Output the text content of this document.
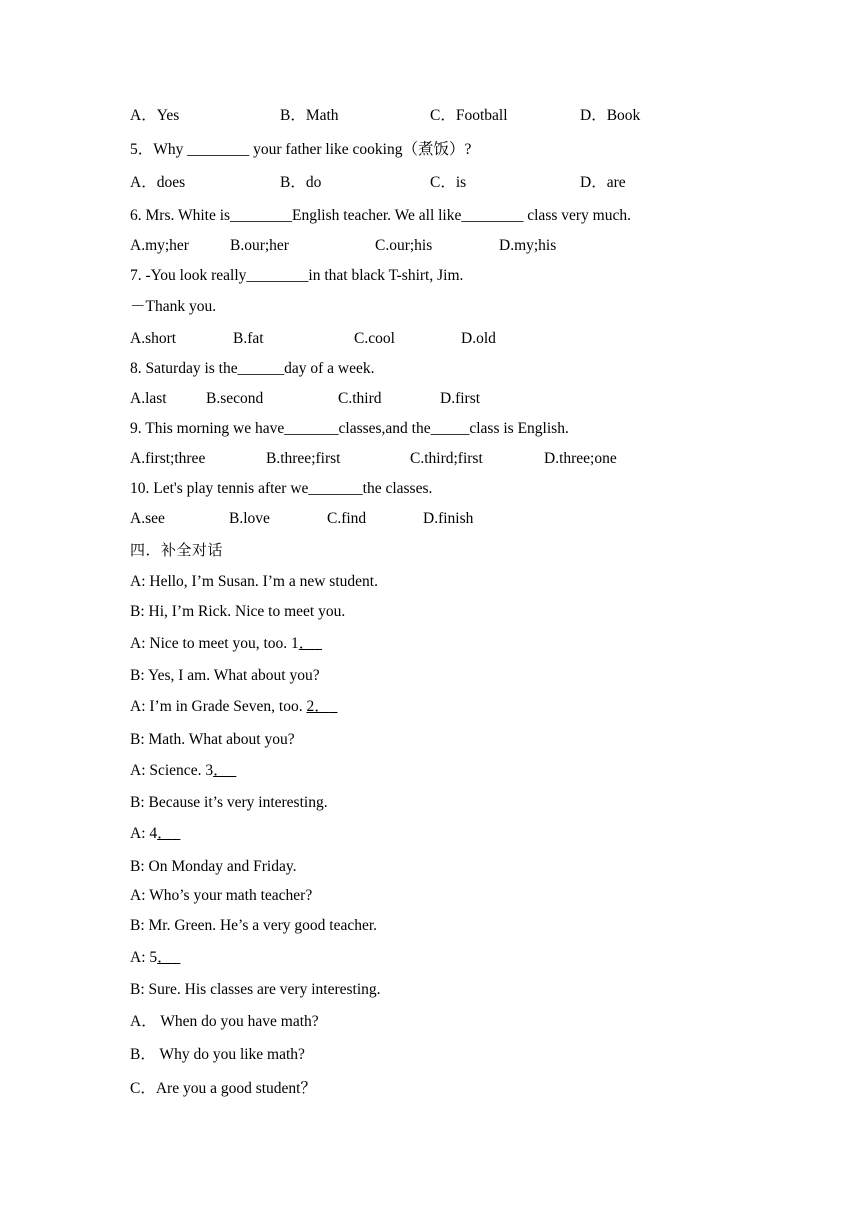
A．Yes	B．Math	C．Football	D．Book
5．Why ________ your father like cooking（煮饭）?
A．does	B．do	C．is	D．are
6. Mrs. White is________English teacher. We all like________ class very much.
A.my;her	B.our;her	C.our;his	D.my;his
7. -You look really________in that black T-shirt, Jim.
－Thank you.
A.short	B.fat	C.cool	D.old
8. Saturday is the______day of a week.
A.last	B.second	C.third	D.first
9. This morning we have_______classes,and the_____class is English.
A.first;three	B.three;first	C.third;first	D.three;one
10. Let's play tennis after we_______the classes.
A.see	B.love	C.find	D.finish
四．补全对话
A: Hello, I’m Susan. I’m a new student.
B: Hi, I’m Rick. Nice to meet you.
A: Nice to meet you, too. 1．
B: Yes, I am. What about you?
A: I’m in Grade Seven, too. 2．
B: Math. What about you?
A: Science. 3．
B: Because it’s very interesting.
A: 4．
B: On Monday and Friday.
A: Who’s your math teacher?
B: Mr. Green. He’s a very good teacher.
A: 5．
B: Sure. His classes are very interesting.
A． When do you have math?
B． Why do you like math?
C．Are you a good student？
